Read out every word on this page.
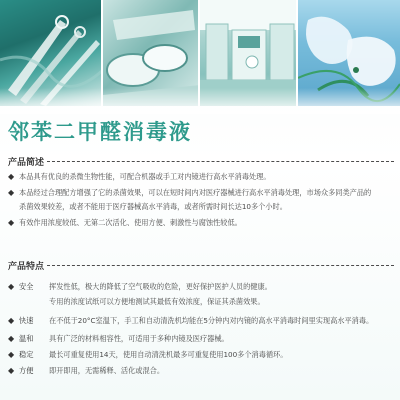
邻苯二甲醛消毒液
产品简述
◆ 本品具有优良的杀微生物性能，可配合机器或手工对内镜进行高水平消毒处理。
◆ 本品经过合理配方增强了它的杀菌效果，可以在短时间内对医疗器械进行高水平消毒处理，市场众多同类产品的
杀菌效果较差，或者不能用于医疗器械高水平消毒，或者所需时间长达10多个小时。
◆ 有效作用浓度较低、无第二次活化、使用方便、刺激性与腐蚀性较低。
产品特点
◆ 安全	挥发性低，极大的降低了空气吸收的危险，更好保护医护人员的健康。
专用的浓度试纸可以方便地测试其最低有效浓度，保证其杀菌效果。
◆ 快速	在不低于20°C室温下，手工和自动清洗机均能在5分钟内对内镜的高水平消毒时间里实现高水平消毒。
◆ 温和	具有广泛的材料相容性，可适用于多种内镜及医疗器械。
◆ 稳定	最长可重复使用14天，使用自动清洗机最多可重复使用100多个消毒循环。
◆ 方便	即开即用，无需稀释、活化或混合。
